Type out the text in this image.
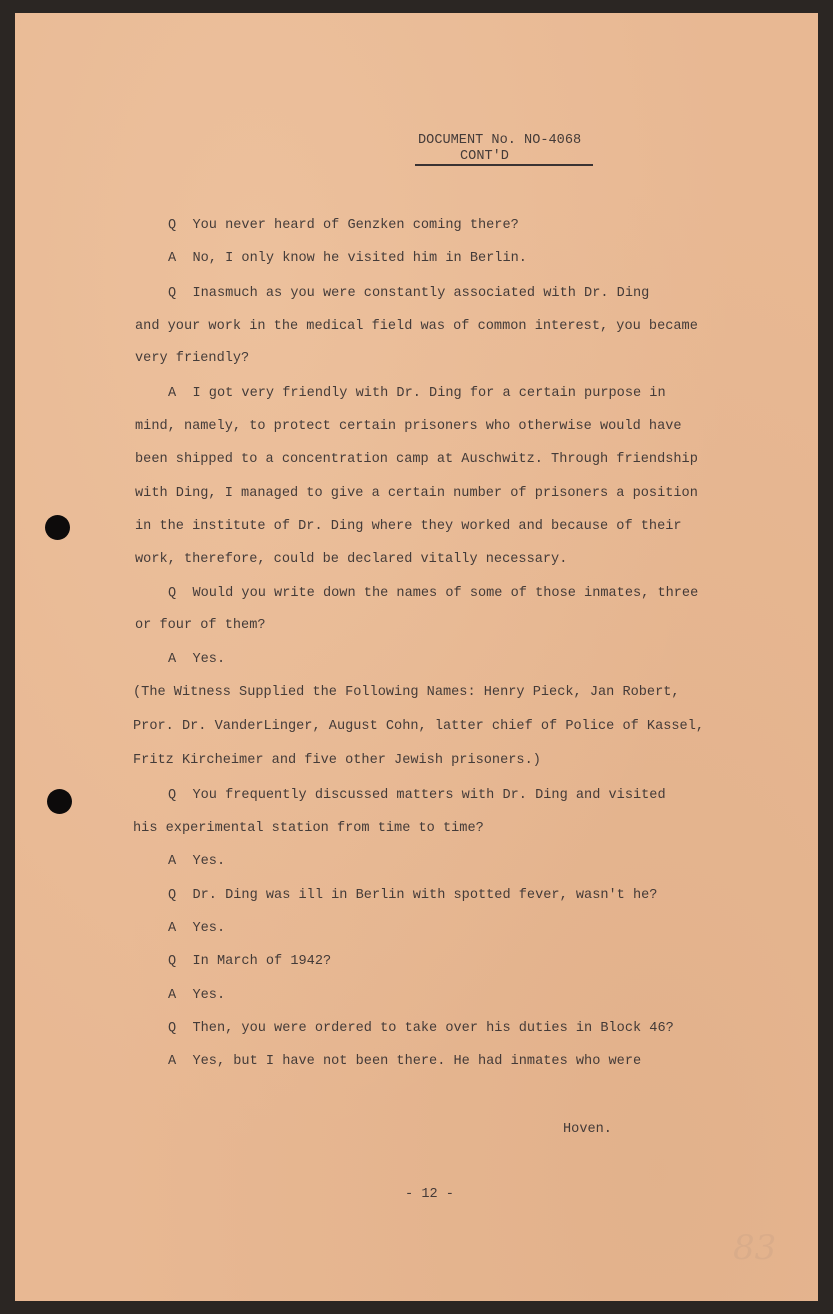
DOCUMENT No. NO-4068
CONT'D
Q  You never heard of Genzken coming there?
A  No, I only know he visited him in Berlin.
Q  Inasmuch as you were constantly associated with Dr. Ding
and your work in the medical field was of common interest, you became
very friendly?
A  I got very friendly with Dr. Ding for a certain purpose in
mind, namely, to protect certain prisoners who otherwise would have
been shipped to a concentration camp at Auschwitz. Through friendship
with Ding, I managed to give a certain number of prisoners a position
in the institute of Dr. Ding where they worked and because of their
work, therefore, could be declared vitally necessary.
Q  Would you write down the names of some of those inmates, three
or four of them?
A  Yes.
(The Witness Supplied the Following Names: Henry Pieck, Jan Robert,
Pror. Dr. VanderLinger, August Cohn, latter chief of Police of Kassel,
Fritz Kircheimer and five other Jewish prisoners.)
Q  You frequently discussed matters with Dr. Ding and visited
his experimental station from time to time?
A  Yes.
Q  Dr. Ding was ill in Berlin with spotted fever, wasn't he?
A  Yes.
Q  In March of 1942?
A  Yes.
Q  Then, you were ordered to take over his duties in Block 46?
A  Yes, but I have not been there. He had inmates who were
Hoven.
- 12 -
83
